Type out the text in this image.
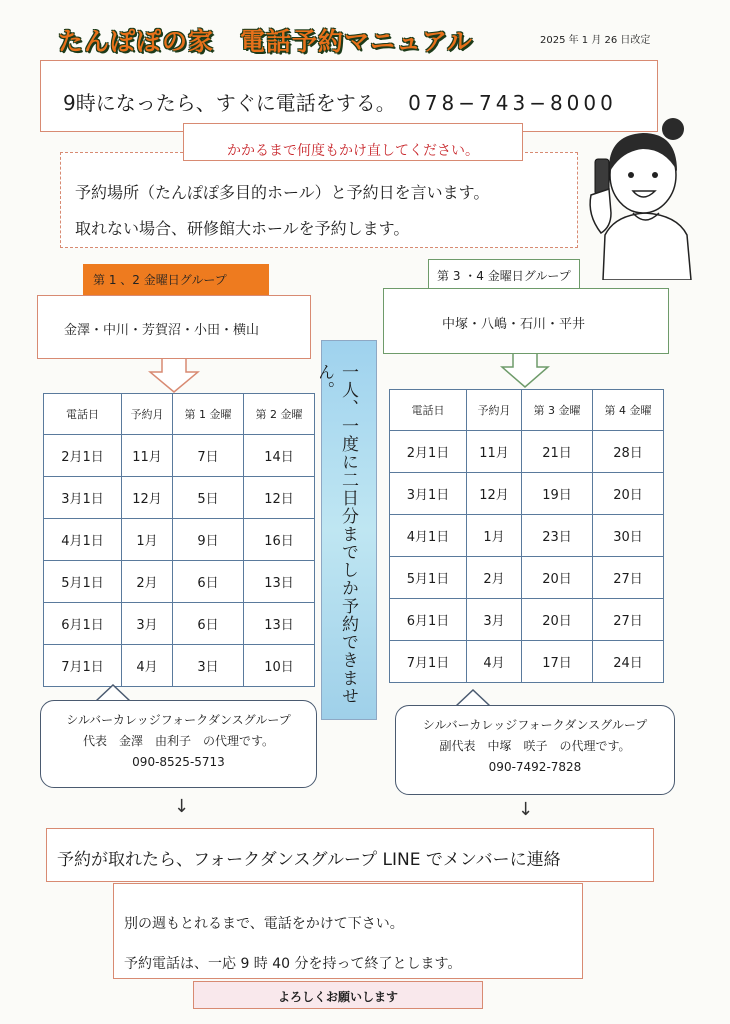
たんぽぽの家　電話予約マニュアル	2025 年 1 月 26 日改定
9時になったら、すぐに電話をする。 078−743−8000
予約場所（たんぽぽ多目的ホール）と予約日を言います。
取れない場合、研修館大ホールを予約します。
かかるまで何度もかけ直してください。
第 1 、2 金曜日グループ
金澤・中川・芳賀沼・小田・横山
電話日	予約月	第 1 金曜	第 2 金曜
2月1日	11月	7日	14日
3月1日	12月	5日	12日
4月1日	1月	9日	16日
5月1日	2月	6日	13日
6月1日	3月	6日	13日
7月1日	4月	3日	10日
第 3 ・4 金曜日グループ
中塚・八嶋・石川・平井
電話日	予約月	第 3 金曜	第 4 金曜
2月1日	11月	21日	28日
3月1日	12月	19日	20日
4月1日	1月	23日	30日
5月1日	2月	20日	27日
6月1日	3月	20日	27日
7月1日	4月	17日	24日
一人、一度に二日分までしか予約できません。
シルバーカレッジフォークダンスグループ
代表　金澤　由利子　の代理です。
090-8525-5713
シルバーカレッジフォークダンスグループ
副代表　中塚　咲子　の代理です。
090-7492-7828
↓	↓
予約が取れたら、フォークダンスグループ LINE でメンバーに連絡
別の週もとれるまで、電話をかけて下さい。
予約電話は、一応 9 時 40 分を持って終了とします。
よろしくお願いします
